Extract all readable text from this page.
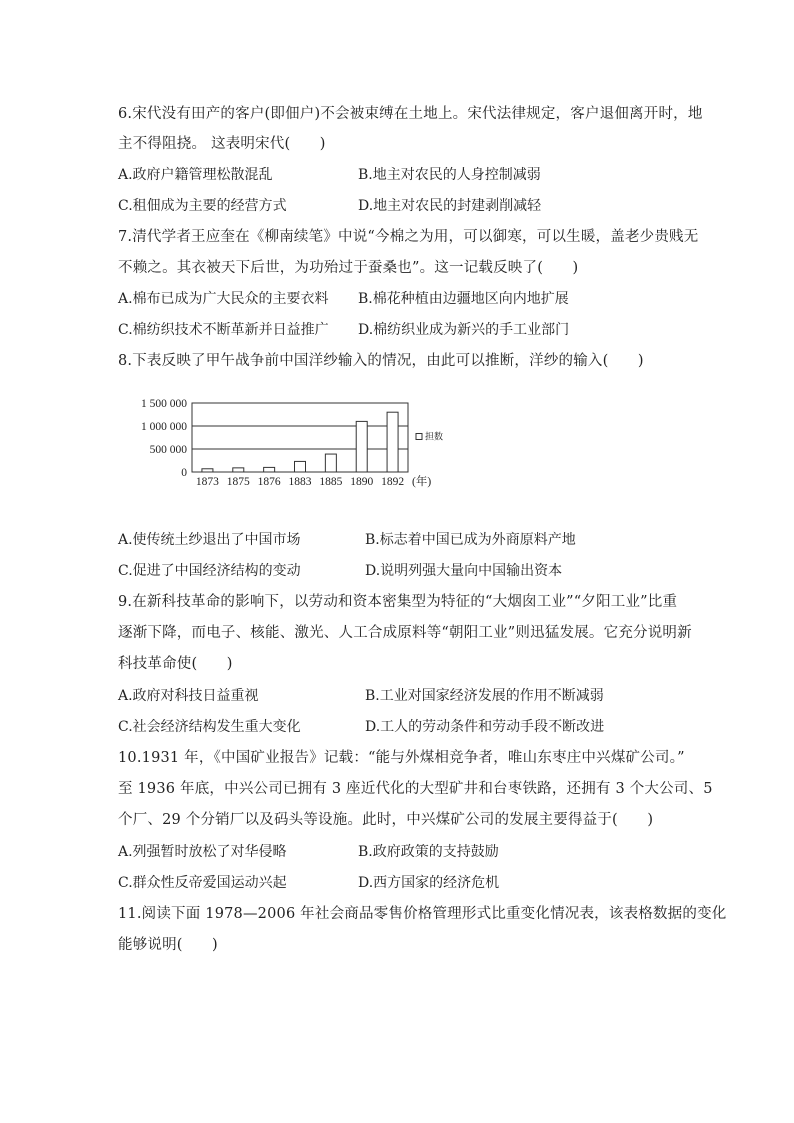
6.宋代没有田产的客户(即佃户)不会被束缚在土地上。宋代法律规定，客户退佃离开时，地
主不得阻挠。 这表明宋代(　　)
A.政府户籍管理松散混乱	B.地主对农民的人身控制减弱
C.租佃成为主要的经营方式	D.地主对农民的封建剥削减轻
7.清代学者王应奎在《柳南续笔》中说“今棉之为用，可以御寒，可以生暖，盖老少贵贱无
不赖之。其衣被天下后世，为功殆过于蚕桑也”。这一记载反映了(　　)
A.棉布已成为广大民众的主要衣料 B.棉花种植由边疆地区向内地扩展
C.棉纺织技术不断革新并日益推广 D.棉纺织业成为新兴的手工业部门
8.下表反映了甲午战争前中国洋纱输入的情况，由此可以推断，洋纱的输入(　　)
1 500 000
1 000 000
500 000
0
1873 1875 1876 1883 1885 1890 1892 (年)
担数
A.使传统土纱退出了中国市场	B.标志着中国已成为外商原料产地
C.促进了中国经济结构的变动	D.说明列强大量向中国输出资本
9.在新科技革命的影响下，以劳动和资本密集型为特征的“大烟囱工业”“夕阳工业”比重
逐渐下降，而电子、核能、激光、人工合成原料等“朝阳工业”则迅猛发展。它充分说明新
科技革命使(　　)
A.政府对科技日益重视	B.工业对国家经济发展的作用不断减弱
C.社会经济结构发生重大变化	D.工人的劳动条件和劳动手段不断改进
10.1931 年，《中国矿业报告》记载：“能与外煤相竞争者，唯山东枣庄中兴煤矿公司。”
至 1936 年底，中兴公司已拥有 3 座近代化的大型矿井和台枣铁路，还拥有 3 个大公司、5
个厂、29 个分销厂以及码头等设施。此时，中兴煤矿公司的发展主要得益于(　　)
A.列强暂时放松了对华侵略	B.政府政策的支持鼓励
C.群众性反帝爱国运动兴起	D.西方国家的经济危机
11.阅读下面 1978—2006 年社会商品零售价格管理形式比重变化情况表，该表格数据的变化
能够说明(　　)
